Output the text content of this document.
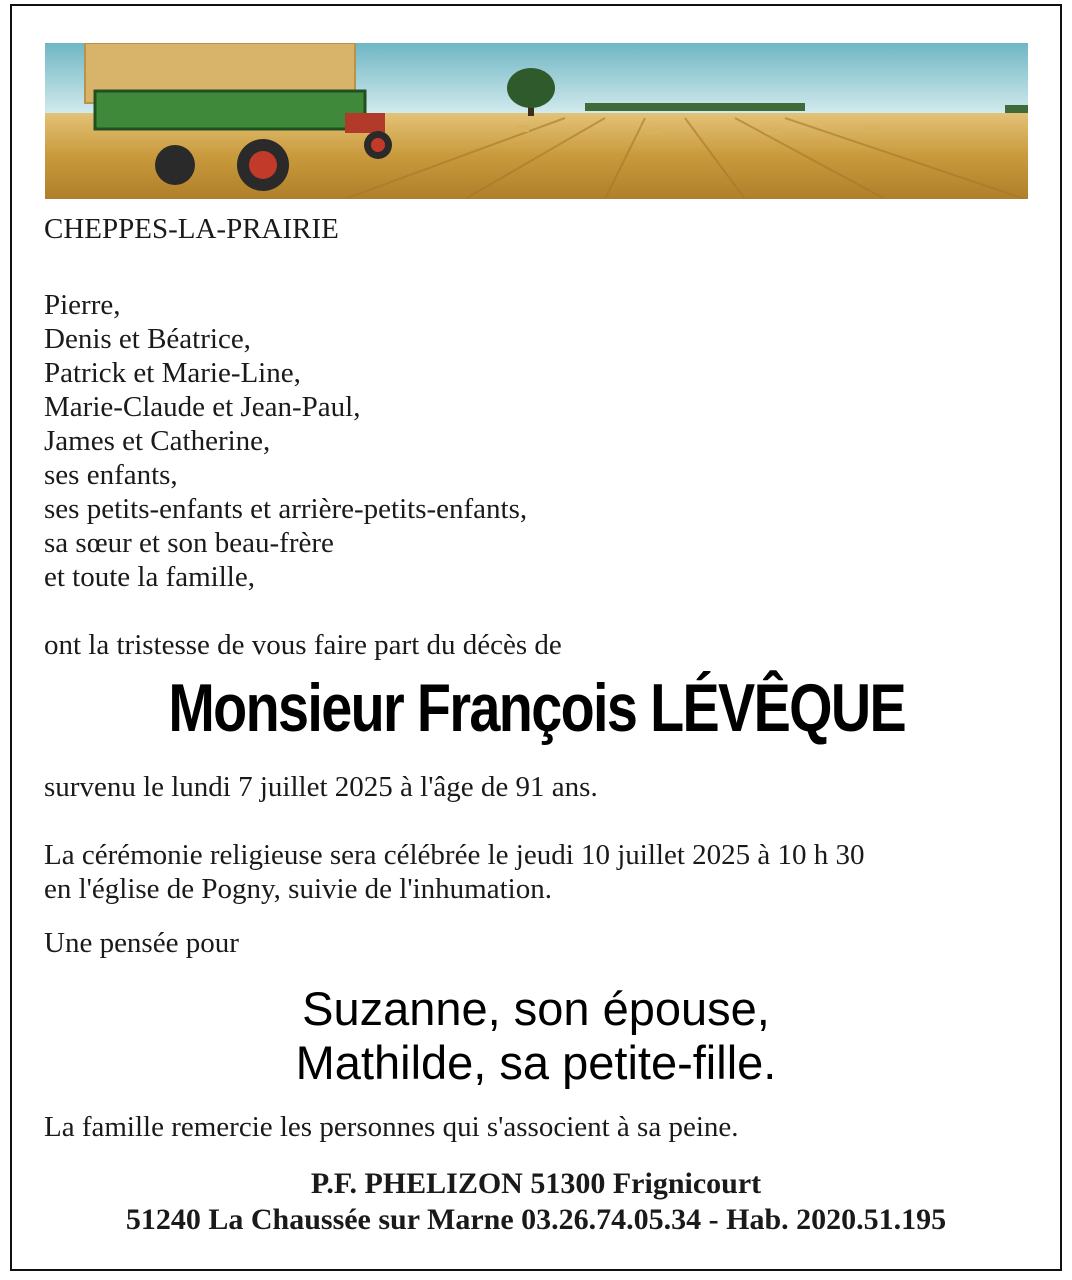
CHEPPES-LA-PRAIRIE

Pierre,
Denis et Béatrice,
Patrick et Marie-Line,
Marie-Claude et Jean-Paul,
James et Catherine,
ses enfants,
ses petits-enfants et arrière-petits-enfants,
sa sœur et son beau-frère
et toute la famille,

ont la tristesse de vous faire part du décès de

Monsieur François LÉVÊQUE

survenu le lundi 7 juillet 2025 à l'âge de 91 ans.

La cérémonie religieuse sera célébrée le jeudi 10 juillet 2025 à 10 h 30

en l'église de Pogny, suivie de l'inhumation.

Une pensée pour

Suzanne, son épouse,
Mathilde, sa petite-fille.

La famille remercie les personnes qui s'associent à sa peine.

P.F. PHELIZON 51300 Frignicourt
51240 La Chaussée sur Marne 03.26.74.05.34 - Hab. 2020.51.195
